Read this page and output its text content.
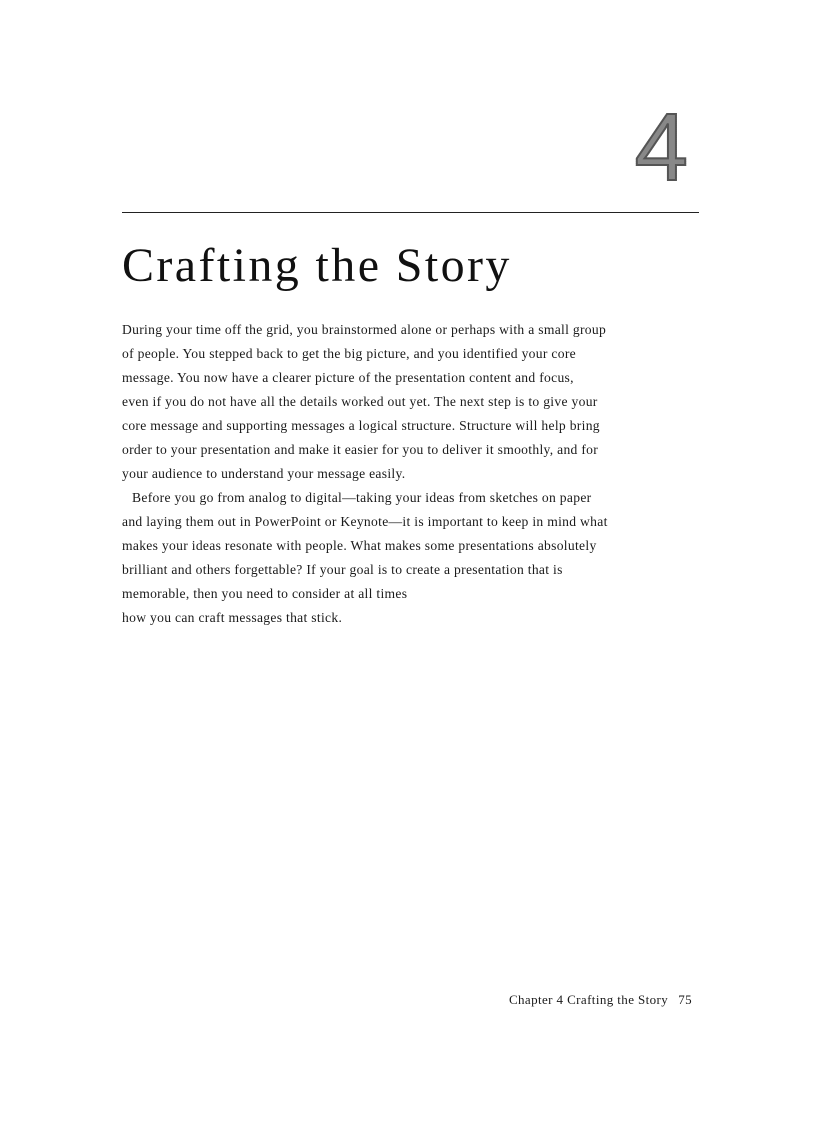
4
Crafting the Story
During your time off the grid, you brainstormed alone or perhaps with a small group
of people. You stepped back to get the big picture, and you identified your core
message. You now have a clearer picture of the presentation content and focus,
even if you do not have all the details worked out yet. The next step is to give your
core message and supporting messages a logical structure. Structure will help bring
order to your presentation and make it easier for you to deliver it smoothly, and for
your audience to understand your message easily.
Before you go from analog to digital—taking your ideas from sketches on paper
and laying them out in PowerPoint or Keynote—it is important to keep in mind what
makes your ideas resonate with people. What makes some presentations absolutely
brilliant and others forgettable? If your goal is to create a presentation that is
memorable, then you need to consider at all times
how you can craft messages that stick.
Chapter 4 Crafting the Story 75
